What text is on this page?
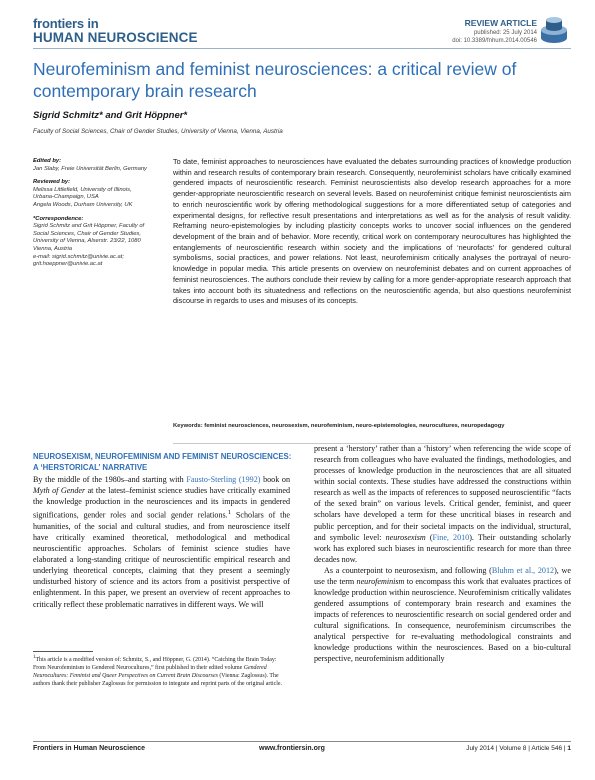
frontiers in
HUMAN NEUROSCIENCE
REVIEW ARTICLE
published: 25 July 2014
doi: 10.3389/fnhum.2014.00546
Neurofeminism and feminist neurosciences: a critical review of contemporary brain research
Sigrid Schmitz* and Grit Höppner*
Faculty of Social Sciences, Chair of Gender Studies, University of Vienna, Vienna, Austria
Edited by:
Jan Slaby, Freie Universität Berlin, Germany
Reviewed by:
Melissa Littlefield, University of Illinois, Urbana-Champaign, USA
Angela Woods, Durham University, UK
*Correspondence:
Sigrid Schmitz and Grit Höppner, Faculty of Social Sciences, Chair of Gender Studies, University of Vienna, Alserstr. 23/22, 1080 Vienna, Austria
e-mail: sigrid.schmitz@univie.ac.at; grit.hoeppner@univie.ac.at
To date, feminist approaches to neurosciences have evaluated the debates surrounding practices of knowledge production within and research results of contemporary brain research. Consequently, neurofeminist scholars have critically examined gendered impacts of neuroscientific research. Feminist neuroscientists also develop research approaches for a more gender-appropriate neuroscientific research on several levels. Based on neurofeminist critique feminist neuroscientists aim to enrich neuroscientific work by offering methodological suggestions for a more differentiated setup of categories and experimental designs, for reflective result presentations and interpretations as well as for the analysis of result validity. Reframing neuro-epistemologies by including plasticity concepts works to uncover social influences on the gendered development of the brain and of behavior. More recently, critical work on contemporary neurocultures has highlighted the entanglements of neuroscientific research within society and the implications of ‘neurofacts’ for gendered cultural symbolisms, social practices, and power relations. Not least, neurofeminism critically analyses the portrayal of neuro-knowledge in popular media. This article presents on overview on neurofeminist debates and on current approaches of feminist neurosciences. The authors conclude their review by calling for a more gender-appropriate research approach that takes into account both its situatedness and reflections on the neuroscientific agenda, but also questions neurofeminist discourse in regards to uses and misuses of its concepts.
Keywords: feminist neurosciences, neurosexism, neurofeminism, neuro-epistemologies, neurocultures, neuropedagogy
NEUROSEXISM, NEUROFEMINISM AND FEMINIST NEUROSCIENCES: A ‘HERSTORICAL’ NARRATIVE

By the middle of the 1980s–and starting with Fausto-Sterling (1992) book on Myth of Gender at the latest–feminist science studies have critically examined the knowledge production in the neurosciences and its impacts in gendered significations, gender roles and social gender relations.$^1$ Scholars of the humanities, of the social and cultural studies, and from neuroscience itself have critically examined theoretical, methodological and methodical neuroscientific approaches. Scholars of feminist science studies have elaborated a long-standing critique of neuroscientific empirical research and underlying theoretical concepts, claiming that they present a seemingly undisturbed history of science and its actors from a positivist perspective of enlightenment. In this paper, we present an overview of recent approaches to critically reflect these problematic narratives in different ways. We will

$^1$This article is a modified version of: Schmitz, S., and Höppner, G. (2014). “Catching the Brain Today: From Neurofeminism to Gendered Neurocultures,” first published in their edited volume Gendered Neurocultures: Feminist and Queer Perspectives on Current Brain Discourses (Vienna: Zaglossus). The authors thank their publisher Zaglossus for permission to integrate and reprint parts of the original article.

present a ‘herstory’ rather than a ‘history’ when referencing the wide scope of research from colleagues who have evaluated the findings, methodologies, and processes of knowledge production in the neurosciences that are all situated within social contexts. These studies have addressed the constructions within research as well as the impacts of references to supposed neuroscientific “facts of the sexed brain” on various levels. Critical gender, feminist, and queer scholars have developed a term for these uncritical biases in research and public perception, and for their societal impacts on the individual, structural, and symbolic level: neurosexism (Fine, 2010). Their outstanding scholarly work has explored such biases in neuroscientific research for more than three decades now.

As a counterpoint to neurosexism, and following (Bluhm et al., 2012), we use the term neurofeminism to encompass this work that evaluates practices of knowledge production within neuroscience. Neurofeminism critically validates gendered assumptions of contemporary brain research and examines the impacts of references to neuroscientific research on social gendered order and cultural significations. In consequence, neurofeminism circumscribes the analytical perspective for re-evaluating methodological constraints and knowledge productions within the neurosciences. Based on a bio-cultural perspective, neurofeminism additionally

Frontiers in Human Neuroscience	www.frontiersin.org	July 2014 | Volume 8 | Article 546 | 1
